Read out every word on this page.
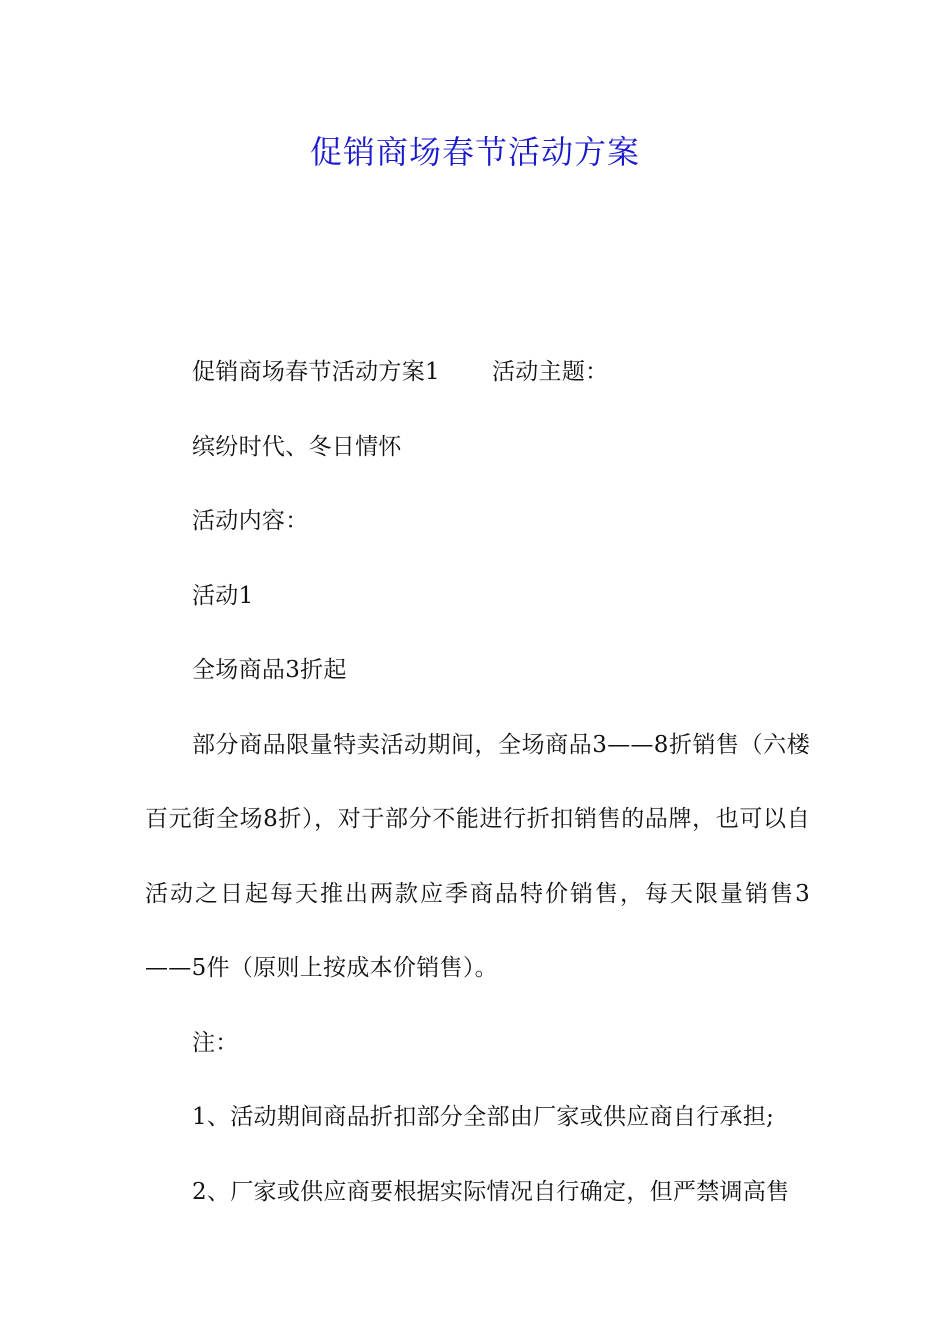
促销商场春节活动方案

促销商场春节活动方案1 活动主题：

缤纷时代、冬日情怀

活动内容：

活动1

全场商品3折起

部分商品限量特卖活动期间，全场商品3——8折销售（六楼百元街全场8折），对于部分不能进行折扣销售的品牌，也可以自活动之日起每天推出两款应季商品特价销售，每天限量销售3——5件（原则上按成本价销售）。

注：

1、活动期间商品折扣部分全部由厂家或供应商自行承担;

2、厂家或供应商要根据实际情况自行确定，但严禁调高售
